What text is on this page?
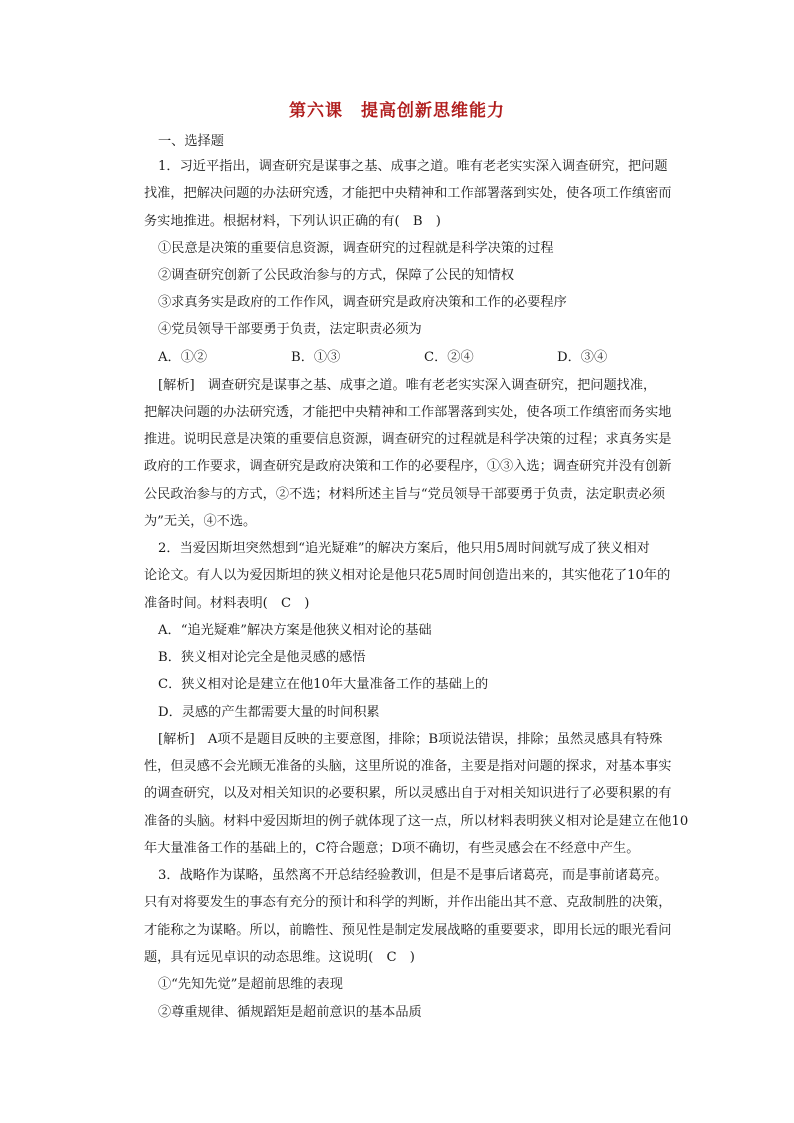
第六课　提高创新思维能力
一、选择题
1．习近平指出，调查研究是谋事之基、成事之道。唯有老老实实深入调查研究，把问题
找准，把解决问题的办法研究透，才能把中央精神和工作部署落到实处，使各项工作缜密而
务实地推进。根据材料，下列认识正确的有(　B　)
①民意是决策的重要信息资源，调查研究的过程就是科学决策的过程
②调查研究创新了公民政治参与的方式，保障了公民的知情权
③求真务实是政府的工作作风，调查研究是政府决策和工作的必要程序
④党员领导干部要勇于负责，法定职责必须为
A．①②	B．①③	C．②④	D．③④
[解析]　调查研究是谋事之基、成事之道。唯有老老实实深入调查研究，把问题找准，
把解决问题的办法研究透，才能把中央精神和工作部署落到实处，使各项工作缜密而务实地
推进。说明民意是决策的重要信息资源，调查研究的过程就是科学决策的过程；求真务实是
政府的工作要求，调查研究是政府决策和工作的必要程序，①③入选；调查研究并没有创新
公民政治参与的方式，②不选；材料所述主旨与“党员领导干部要勇于负责，法定职责必须
为”无关，④不选。
2．当爱因斯坦突然想到“追光疑难”的解决方案后，他只用5周时间就写成了狭义相对
论论文。有人以为爱因斯坦的狭义相对论是他只花5周时间创造出来的，其实他花了10年的
准备时间。材料表明(　C　)
A．“追光疑难”解决方案是他狭义相对论的基础
B．狭义相对论完全是他灵感的感悟
C．狭义相对论是建立在他10年大量准备工作的基础上的
D．灵感的产生都需要大量的时间积累
[解析]　A项不是题目反映的主要意图，排除；B项说法错误，排除；虽然灵感具有特殊
性，但灵感不会光顾无准备的头脑，这里所说的准备，主要是指对问题的探求，对基本事实
的调查研究，以及对相关知识的必要积累，所以灵感出自于对相关知识进行了必要积累的有
准备的头脑。材料中爱因斯坦的例子就体现了这一点，所以材料表明狭义相对论是建立在他10
年大量准备工作的基础上的，C符合题意；D项不确切，有些灵感会在不经意中产生。
3．战略作为谋略，虽然离不开总结经验教训，但是不是事后诸葛亮，而是事前诸葛亮。
只有对将要发生的事态有充分的预计和科学的判断，并作出能出其不意、克敌制胜的决策，
才能称之为谋略。所以，前瞻性、预见性是制定发展战略的重要要求，即用长远的眼光看问
题，具有远见卓识的动态思维。这说明(　C　)
①“先知先觉”是超前思维的表现
②尊重规律、循规蹈矩是超前意识的基本品质
